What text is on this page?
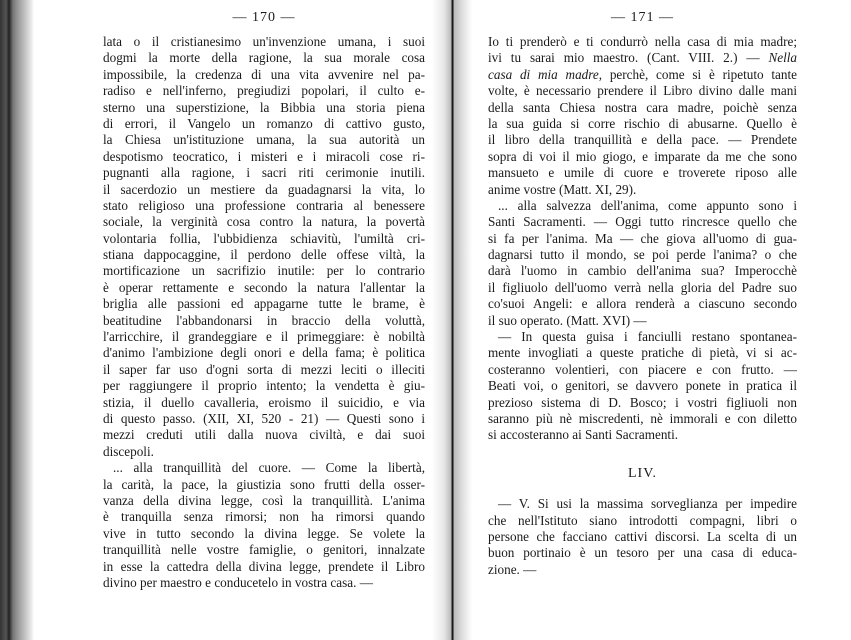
— 170 —
lata o il cristianesimo un'invenzione umana, i suoi
dogmi la morte della ragione, la sua morale cosa
impossibile, la credenza di una vita avvenire nel pa-
radiso e nell'inferno, pregiudizi popolari, il culto e-
sterno una superstizione, la Bibbia una storia piena
di errori, il Vangelo un romanzo di cattivo gusto,
la Chiesa un'istituzione umana, la sua autorità un
despotismo teocratico, i misteri e i miracoli cose ri-
pugnanti alla ragione, i sacri riti cerimonie inutili.
il sacerdozio un mestiere da guadagnarsi la vita, lo
stato religioso una professione contraria al benessere
sociale, la verginità cosa contro la natura, la povertà
volontaria follia, l'ubbidienza schiavitù, l'umiltà cri-
stiana dappocaggine, il perdono delle offese viltà, la
mortificazione un sacrifizio inutile: per lo contrario
è operar rettamente e secondo la natura l'allentar la
briglia alle passioni ed appagarne tutte le brame, è
beatitudine l'abbandonarsi in braccio della voluttà,
l'arricchire, il grandeggiare e il primeggiare: è nobiltà
d'animo l'ambizione degli onori e della fama; è politica
il saper far uso d'ogni sorta di mezzi leciti o illeciti
per raggiungere il proprio intento; la vendetta è giu-
stizia, il duello cavalleria, eroismo il suicidio, e via
di questo passo. (XII, XI, 520 - 21) — Questi sono i
mezzi creduti utili dalla nuova civiltà, e dai suoi
discepoli.
... alla tranquillità del cuore. — Come la libertà,
la carità, la pace, la giustizia sono frutti della osser-
vanza della divina legge, così la tranquillità. L'anima
è tranquilla senza rimorsi; non ha rimorsi quando
vive in tutto secondo la divina legge. Se volete la
tranquillità nelle vostre famiglie, o genitori, innalzate
in esse la cattedra della divina legge, prendete il Libro
divino per maestro e conducetelo in vostra casa. —
— 171 —
Io ti prenderò e ti condurrò nella casa di mia madre;
ivi tu sarai mio maestro. (Cant. VIII. 2.) — Nella
casa di mia madre, perchè, come si è ripetuto tante
volte, è necessario prendere il Libro divino dalle mani
della santa Chiesa nostra cara madre, poichè senza
la sua guida si corre rischio di abusarne. Quello è
il libro della tranquillità e della pace. — Prendete
sopra di voi il mio giogo, e imparate da me che sono
mansueto e umile di cuore e troverete riposo alle
anime vostre (Matt. XI, 29).
... alla salvezza dell'anima, come appunto sono i
Santi Sacramenti. — Oggi tutto rincresce quello che
si fa per l'anima. Ma — che giova all'uomo di gua-
dagnarsi tutto il mondo, se poi perde l'anima? o che
darà l'uomo in cambio dell'anima sua? Imperocchè
il figliuolo dell'uomo verrà nella gloria del Padre suo
co'suoi Angeli: e allora renderà a ciascuno secondo
il suo operato. (Matt. XVI) —
— In questa guisa i fanciulli restano spontanea-
mente invogliati a queste pratiche di pietà, vi si ac-
costeranno volentieri, con piacere e con frutto. —
Beati voi, o genitori, se davvero ponete in pratica il
prezioso sistema di D. Bosco; i vostri figliuoli non
saranno più nè miscredenti, nè immorali e con diletto
si accosteranno ai Santi Sacramenti.
LIV.
— V. Si usi la massima sorveglianza per impedire
che nell'Istituto siano introdotti compagni, libri o
persone che facciano cattivi discorsi. La scelta di un
buon portinaio è un tesoro per una casa di educa-
zione. —
